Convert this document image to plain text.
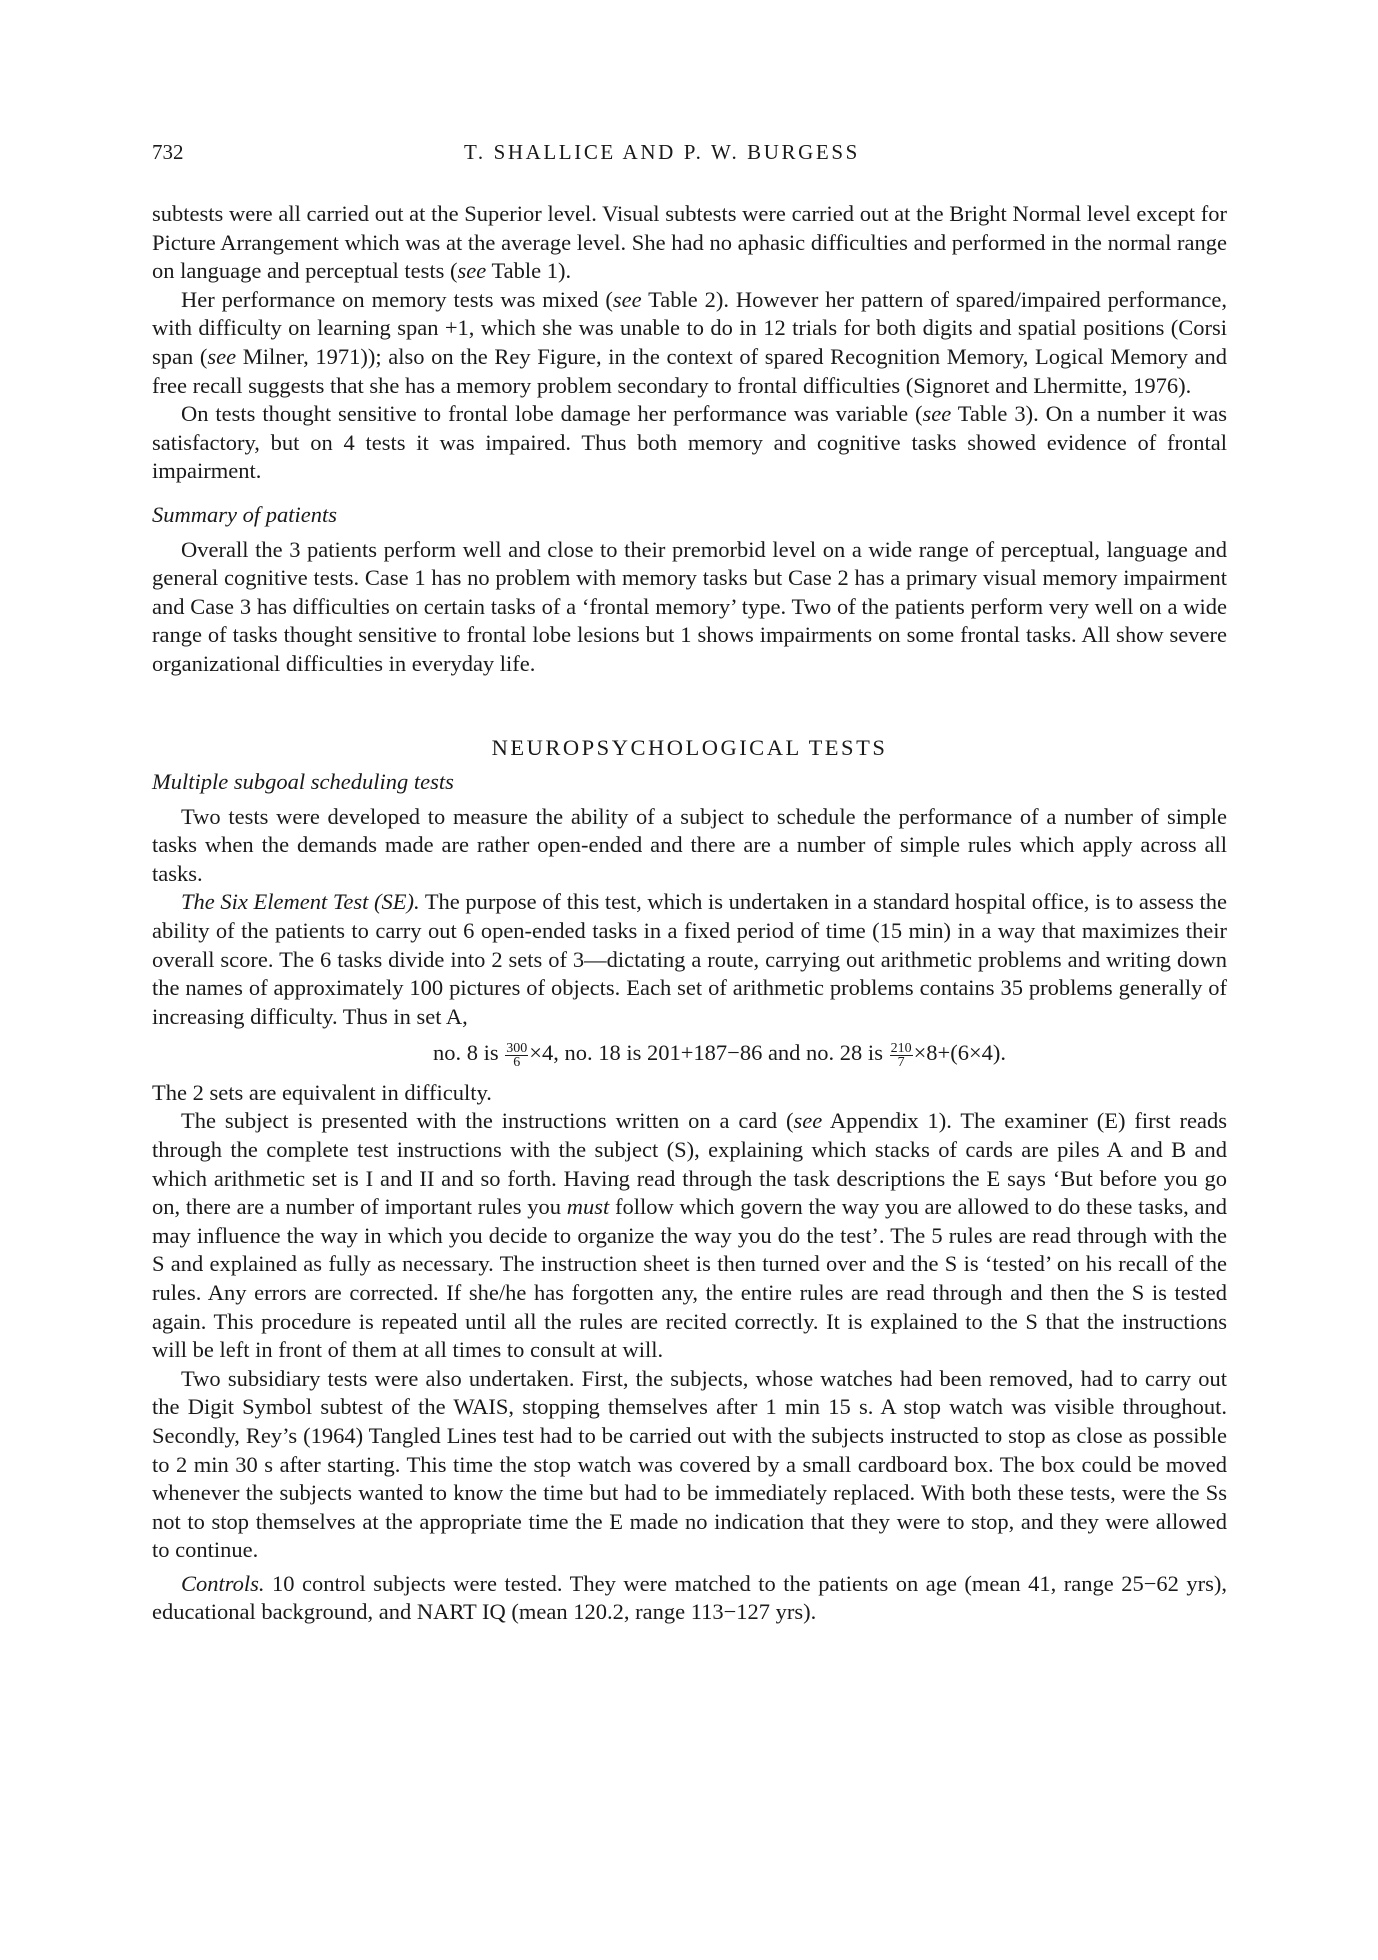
732	T. SHALLICE AND P. W. BURGESS

subtests were all carried out at the Superior level. Visual subtests were carried out at the Bright Normal level except for Picture Arrangement which was at the average level. She had no aphasic difficulties and performed in the normal range on language and perceptual tests (see Table 1).

Her performance on memory tests was mixed (see Table 2). However her pattern of spared/impaired performance, with difficulty on learning span +1, which she was unable to do in 12 trials for both digits and spatial positions (Corsi span (see Milner, 1971)); also on the Rey Figure, in the context of spared Recognition Memory, Logical Memory and free recall suggests that she has a memory problem secondary to frontal difficulties (Signoret and Lhermitte, 1976).

On tests thought sensitive to frontal lobe damage her performance was variable (see Table 3). On a number it was satisfactory, but on 4 tests it was impaired. Thus both memory and cognitive tasks showed evidence of frontal impairment.

Summary of patients

Overall the 3 patients perform well and close to their premorbid level on a wide range of perceptual, language and general cognitive tests. Case 1 has no problem with memory tasks but Case 2 has a primary visual memory impairment and Case 3 has difficulties on certain tasks of a ‘frontal memory’ type. Two of the patients perform very well on a wide range of tasks thought sensitive to frontal lobe lesions but 1 shows impairments on some frontal tasks. All show severe organizational difficulties in everyday life.

NEUROPSYCHOLOGICAL TESTS

Multiple subgoal scheduling tests

Two tests were developed to measure the ability of a subject to schedule the performance of a number of simple tasks when the demands made are rather open-ended and there are a number of simple rules which apply across all tasks.

The Six Element Test (SE). The purpose of this test, which is undertaken in a standard hospital office, is to assess the ability of the patients to carry out 6 open-ended tasks in a fixed period of time (15 min) in a way that maximizes their overall score. The 6 tasks divide into 2 sets of 3—dictating a route, carrying out arithmetic problems and writing down the names of approximately 100 pictures of objects. Each set of arithmetic problems contains 35 problems generally of increasing difficulty. Thus in set A,

no. 8 is $\frac{300}{6} \times 4$, no. 18 is 201+187−86 and no. 28 is $\frac{210}{7} \times 8+(6\times 4)$.

The 2 sets are equivalent in difficulty.

The subject is presented with the instructions written on a card (see Appendix 1). The examiner (E) first reads through the complete test instructions with the subject (S), explaining which stacks of cards are piles A and B and which arithmetic set is I and II and so forth. Having read through the task descriptions the E says ‘But before you go on, there are a number of important rules you must follow which govern the way you are allowed to do these tasks, and may influence the way in which you decide to organize the way you do the test’. The 5 rules are read through with the S and explained as fully as necessary. The instruction sheet is then turned over and the S is ‘tested’ on his recall of the rules. Any errors are corrected. If she/he has forgotten any, the entire rules are read through and then the S is tested again. This procedure is repeated until all the rules are recited correctly. It is explained to the S that the instructions will be left in front of them at all times to consult at will.

Two subsidiary tests were also undertaken. First, the subjects, whose watches had been removed, had to carry out the Digit Symbol subtest of the WAIS, stopping themselves after 1 min 15 s. A stop watch was visible throughout. Secondly, Rey’s (1964) Tangled Lines test had to be carried out with the subjects instructed to stop as close as possible to 2 min 30 s after starting. This time the stop watch was covered by a small cardboard box. The box could be moved whenever the subjects wanted to know the time but had to be immediately replaced. With both these tests, were the Ss not to stop themselves at the appropriate time the E made no indication that they were to stop, and they were allowed to continue.

Controls. 10 control subjects were tested. They were matched to the patients on age (mean 41, range 25−62 yrs), educational background, and NART IQ (mean 120.2, range 113−127 yrs).
